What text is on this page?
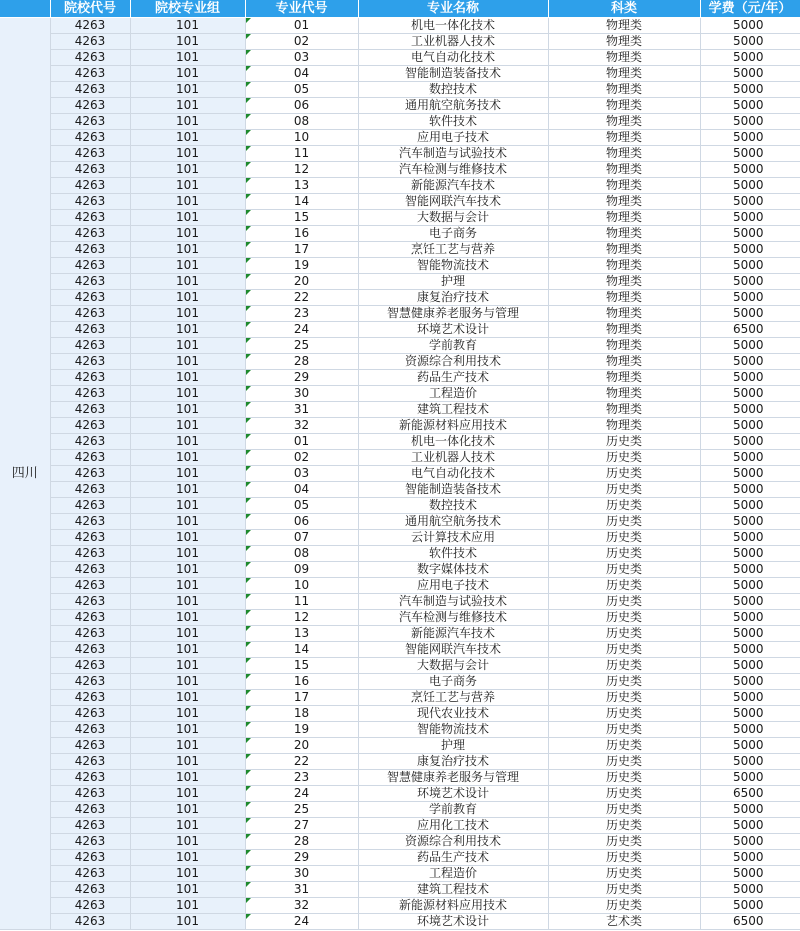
	院校代号	院校专业组	专业代号	专业名称	科类	学费（元/年）
四川	4263	101	01	机电一体化技术	物理类	5000
	4263	101	02	工业机器人技术	物理类	5000
	4263	101	03	电气自动化技术	物理类	5000
	4263	101	04	智能制造装备技术	物理类	5000
	4263	101	05	数控技术	物理类	5000
	4263	101	06	通用航空航务技术	物理类	5000
	4263	101	08	软件技术	物理类	5000
	4263	101	10	应用电子技术	物理类	5000
	4263	101	11	汽车制造与试验技术	物理类	5000
	4263	101	12	汽车检测与维修技术	物理类	5000
	4263	101	13	新能源汽车技术	物理类	5000
	4263	101	14	智能网联汽车技术	物理类	5000
	4263	101	15	大数据与会计	物理类	5000
	4263	101	16	电子商务	物理类	5000
	4263	101	17	烹饪工艺与营养	物理类	5000
	4263	101	19	智能物流技术	物理类	5000
	4263	101	20	护理	物理类	5000
	4263	101	22	康复治疗技术	物理类	5000
	4263	101	23	智慧健康养老服务与管理	物理类	5000
	4263	101	24	环境艺术设计	物理类	6500
	4263	101	25	学前教育	物理类	5000
	4263	101	28	资源综合利用技术	物理类	5000
	4263	101	29	药品生产技术	物理类	5000
	4263	101	30	工程造价	物理类	5000
	4263	101	31	建筑工程技术	物理类	5000
	4263	101	32	新能源材料应用技术	物理类	5000
	4263	101	01	机电一体化技术	历史类	5000
	4263	101	02	工业机器人技术	历史类	5000
	4263	101	03	电气自动化技术	历史类	5000
	4263	101	04	智能制造装备技术	历史类	5000
	4263	101	05	数控技术	历史类	5000
	4263	101	06	通用航空航务技术	历史类	5000
	4263	101	07	云计算技术应用	历史类	5000
	4263	101	08	软件技术	历史类	5000
	4263	101	09	数字媒体技术	历史类	5000
	4263	101	10	应用电子技术	历史类	5000
	4263	101	11	汽车制造与试验技术	历史类	5000
	4263	101	12	汽车检测与维修技术	历史类	5000
	4263	101	13	新能源汽车技术	历史类	5000
	4263	101	14	智能网联汽车技术	历史类	5000
	4263	101	15	大数据与会计	历史类	5000
	4263	101	16	电子商务	历史类	5000
	4263	101	17	烹饪工艺与营养	历史类	5000
	4263	101	18	现代农业技术	历史类	5000
	4263	101	19	智能物流技术	历史类	5000
	4263	101	20	护理	历史类	5000
	4263	101	22	康复治疗技术	历史类	5000
	4263	101	23	智慧健康养老服务与管理	历史类	5000
	4263	101	24	环境艺术设计	历史类	6500
	4263	101	25	学前教育	历史类	5000
	4263	101	27	应用化工技术	历史类	5000
	4263	101	28	资源综合利用技术	历史类	5000
	4263	101	29	药品生产技术	历史类	5000
	4263	101	30	工程造价	历史类	5000
	4263	101	31	建筑工程技术	历史类	5000
	4263	101	32	新能源材料应用技术	历史类	5000
	4263	101	24	环境艺术设计	艺术类	6500
